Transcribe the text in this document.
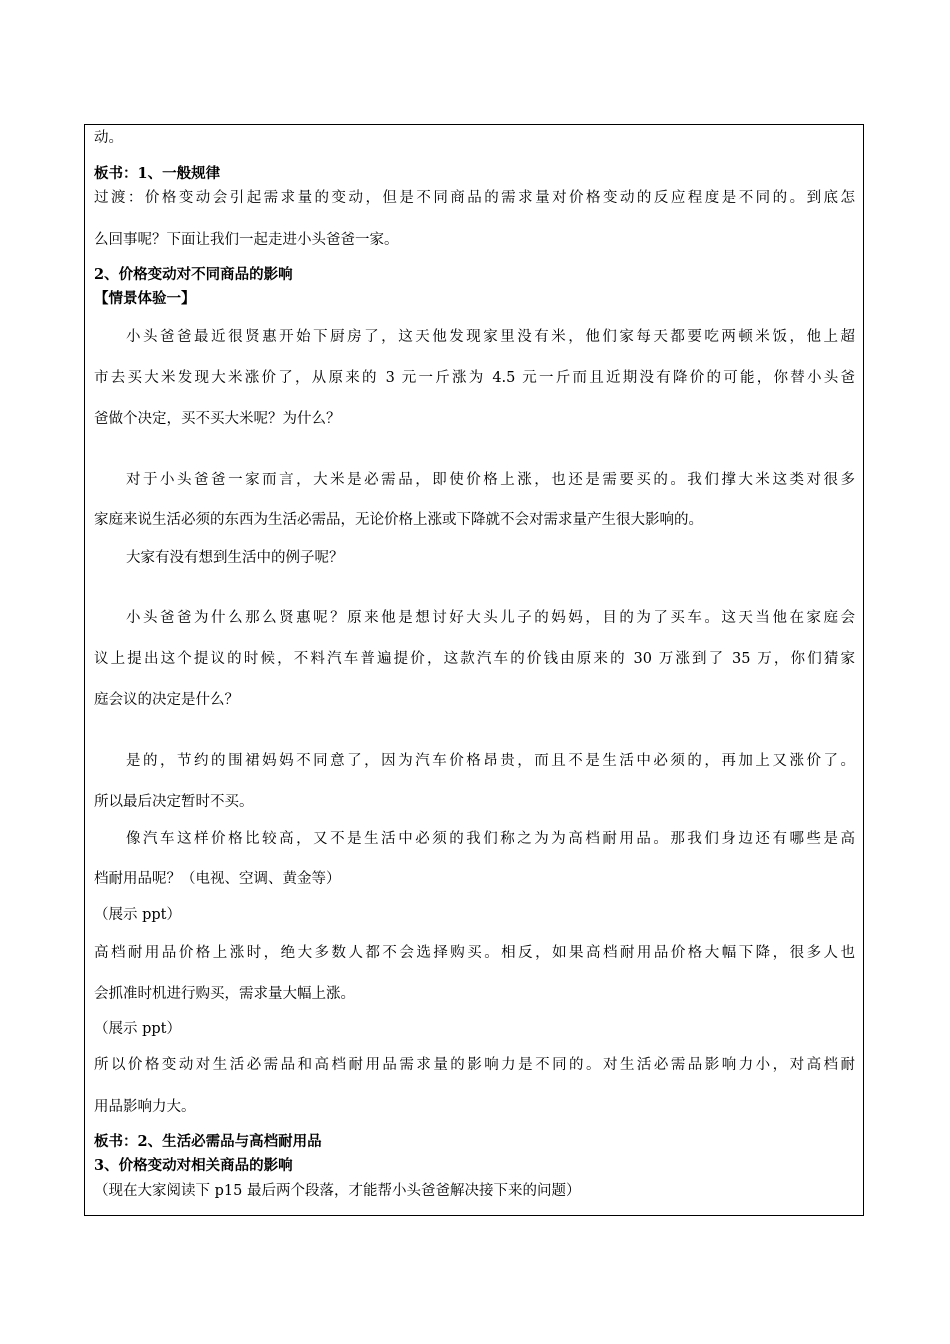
动。
板书：1、一般规律
过渡：价格变动会引起需求量的变动，但是不同商品的需求量对价格变动的反应程度是不同的。到底怎
么回事呢？下面让我们一起走进小头爸爸一家。
2、价格变动对不同商品的影响
【情景体验一】
小头爸爸最近很贤惠开始下厨房了，这天他发现家里没有米，他们家每天都要吃两顿米饭，他上超
市去买大米发现大米涨价了，从原来的 3 元一斤涨为 4.5 元一斤而且近期没有降价的可能，你替小头爸
爸做个决定，买不买大米呢？为什么？
对于小头爸爸一家而言，大米是必需品，即使价格上涨，也还是需要买的。我们撑大米这类对很多
家庭来说生活必须的东西为生活必需品，无论价格上涨或下降就不会对需求量产生很大影响的。
大家有没有想到生活中的例子呢？
小头爸爸为什么那么贤惠呢？原来他是想讨好大头儿子的妈妈，目的为了买车。这天当他在家庭会
议上提出这个提议的时候，不料汽车普遍提价，这款汽车的价钱由原来的 30 万涨到了 35 万，你们猜家
庭会议的决定是什么？
是的，节约的围裙妈妈不同意了，因为汽车价格昂贵，而且不是生活中必须的，再加上又涨价了。
所以最后决定暂时不买。
像汽车这样价格比较高，又不是生活中必须的我们称之为为高档耐用品。那我们身边还有哪些是高
档耐用品呢？（电视、空调、黄金等）
（展示 ppt）
高档耐用品价格上涨时，绝大多数人都不会选择购买。相反，如果高档耐用品价格大幅下降，很多人也
会抓准时机进行购买，需求量大幅上涨。
（展示 ppt）
所以价格变动对生活必需品和高档耐用品需求量的影响力是不同的。对生活必需品影响力小，对高档耐
用品影响力大。
板书：2、生活必需品与高档耐用品
3、价格变动对相关商品的影响
（现在大家阅读下 p15 最后两个段落，才能帮小头爸爸解决接下来的问题）
